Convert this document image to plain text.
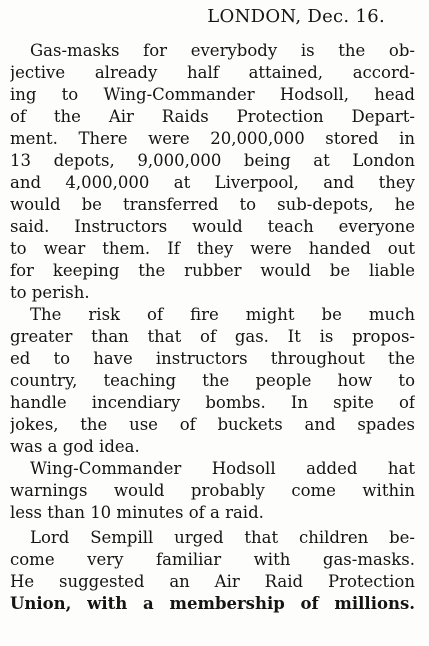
LONDON, Dec. 16.
Gas-masks for everybody is the ob-
jective already half attained, accord-
ing to Wing-Commander Hodsoll, head
of the Air Raids Protection Depart-
ment. There were 20,000,000 stored in
13 depots, 9,000,000 being at London
and 4,000,000 at Liverpool, and they
would be transferred to sub-depots, he
said. Instructors would teach everyone
to wear them. If they were handed out
for keeping the rubber would be liable
to perish.
The risk of fire might be much
greater than that of gas. It is propos-
ed to have instructors throughout the
country, teaching the people how to
handle incendiary bombs. In spite of
jokes, the use of buckets and spades
was a god idea.
Wing-Commander Hodsoll added hat
warnings would probably come within
less than 10 minutes of a raid.
Lord Sempill urged that children be-
come very familiar with gas-masks.
He suggested an Air Raid Protection
Union, with a membership of millions.
